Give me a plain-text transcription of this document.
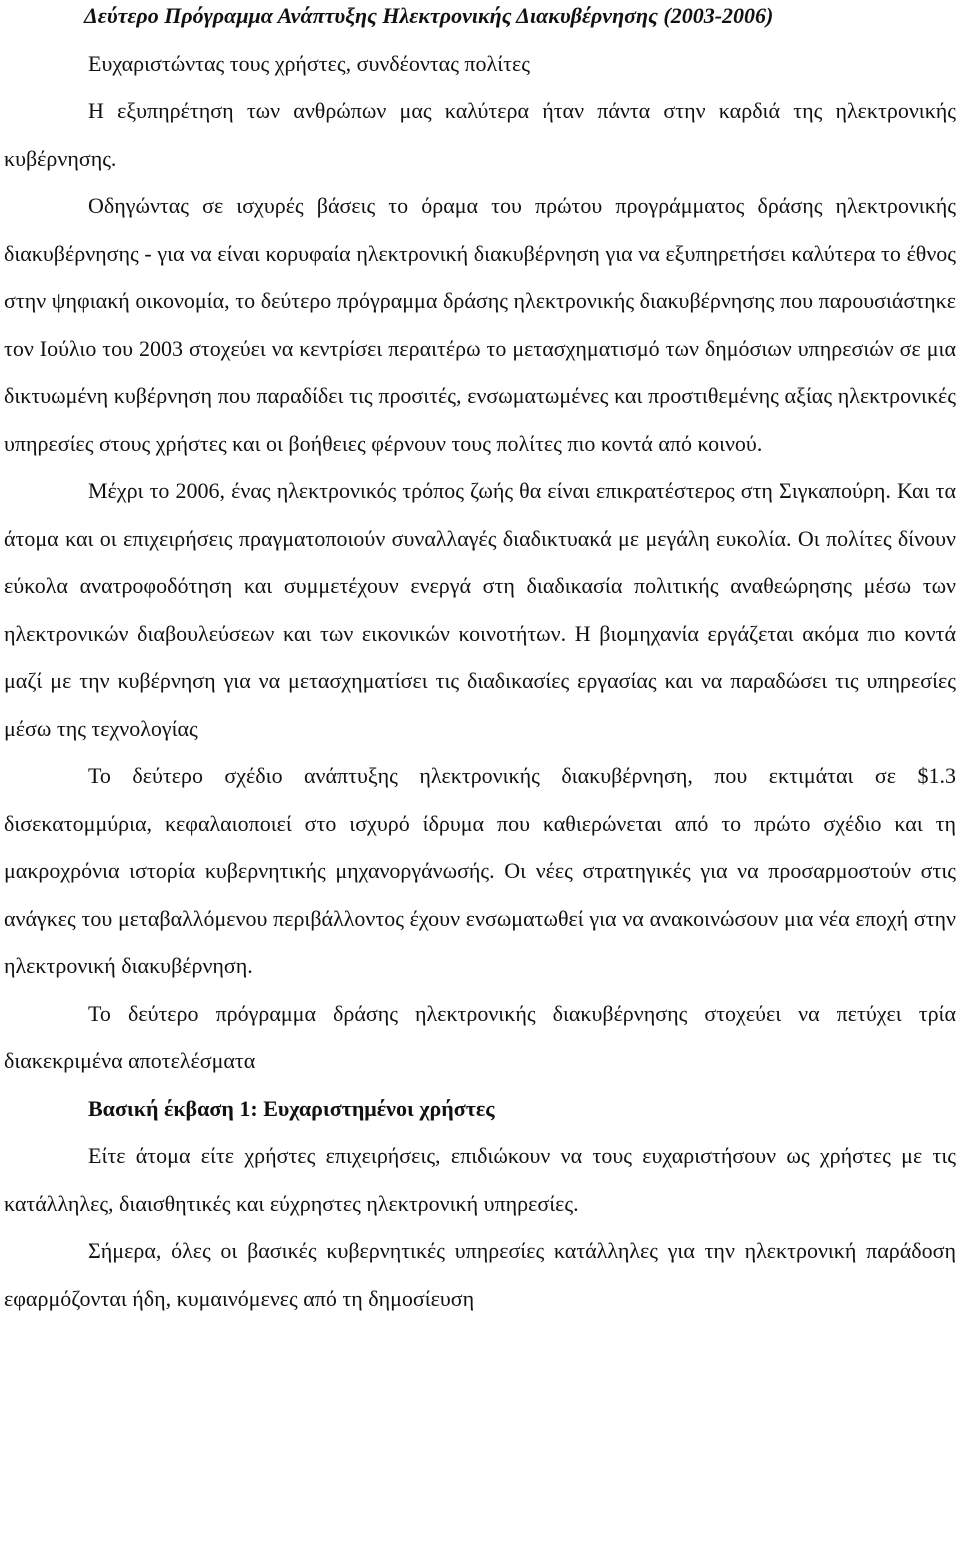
Δεύτερο Πρόγραμμα Ανάπτυξης Ηλεκτρονικής Διακυβέρνησης (2003-2006)

Ευχαριστώντας τους χρήστες, συνδέοντας πολίτες

Η εξυπηρέτηση των ανθρώπων μας καλύτερα ήταν πάντα στην καρδιά της ηλεκτρονικής κυβέρνησης.

Οδηγώντας σε ισχυρές βάσεις το όραμα του πρώτου προγράμματος δράσης ηλεκτρονικής διακυβέρνησης - για να είναι κορυφαία ηλεκτρονική διακυβέρνηση για να εξυπηρετήσει καλύτερα το έθνος στην ψηφιακή οικονομία, το δεύτερο πρόγραμμα δράσης ηλεκτρονικής διακυβέρνησης που παρουσιάστηκε τον Ιούλιο του 2003 στοχεύει να κεντρίσει περαιτέρω το μετασχηματισμό των δημόσιων υπηρεσιών σε μια δικτυωμένη κυβέρνηση που παραδίδει τις προσιτές, ενσωματωμένες και προστιθεμένης αξίας ηλεκτρονικές υπηρεσίες στους χρήστες και οι βοήθειες φέρνουν τους πολίτες πιο κοντά από κοινού.

Μέχρι το 2006, ένας ηλεκτρονικός τρόπος ζωής θα είναι επικρατέστερος στη Σιγκαπούρη. Και τα άτομα και οι επιχειρήσεις πραγματοποιούν συναλλαγές διαδικτυακά με μεγάλη ευκολία. Οι πολίτες δίνουν εύκολα ανατροφοδότηση και συμμετέχουν ενεργά στη διαδικασία πολιτικής αναθεώρησης μέσω των ηλεκτρονικών διαβουλεύσεων και των εικονικών κοινοτήτων. Η βιομηχανία εργάζεται ακόμα πιο κοντά μαζί με την κυβέρνηση για να μετασχηματίσει τις διαδικασίες εργασίας και να παραδώσει τις υπηρεσίες μέσω της τεχνολογίας

Το δεύτερο σχέδιο ανάπτυξης ηλεκτρονικής διακυβέρνηση, που εκτιμάται σε $1.3 δισεκατομμύρια, κεφαλαιοποιεί στο ισχυρό ίδρυμα που καθιερώνεται από το πρώτο σχέδιο και τη μακροχρόνια ιστορία κυβερνητικής μηχανοργάνωσής. Οι νέες στρατηγικές για να προσαρμοστούν στις ανάγκες του μεταβαλλόμενου περιβάλλοντος έχουν ενσωματωθεί για να ανακοινώσουν μια νέα εποχή στην ηλεκτρονική διακυβέρνηση.

Το δεύτερο πρόγραμμα δράσης ηλεκτρονικής διακυβέρνησης στοχεύει να πετύχει τρία διακεκριμένα αποτελέσματα

Βασική έκβαση 1: Ευχαριστημένοι χρήστες

Είτε άτομα είτε χρήστες επιχειρήσεις, επιδιώκουν να τους ευχαριστήσουν ως χρήστες με τις κατάλληλες, διαισθητικές και εύχρηστες ηλεκτρονική υπηρεσίες.

Σήμερα, όλες οι βασικές κυβερνητικές υπηρεσίες κατάλληλες για την ηλεκτρονική παράδοση εφαρμόζονται ήδη, κυμαινόμενες από τη δημοσίευση
